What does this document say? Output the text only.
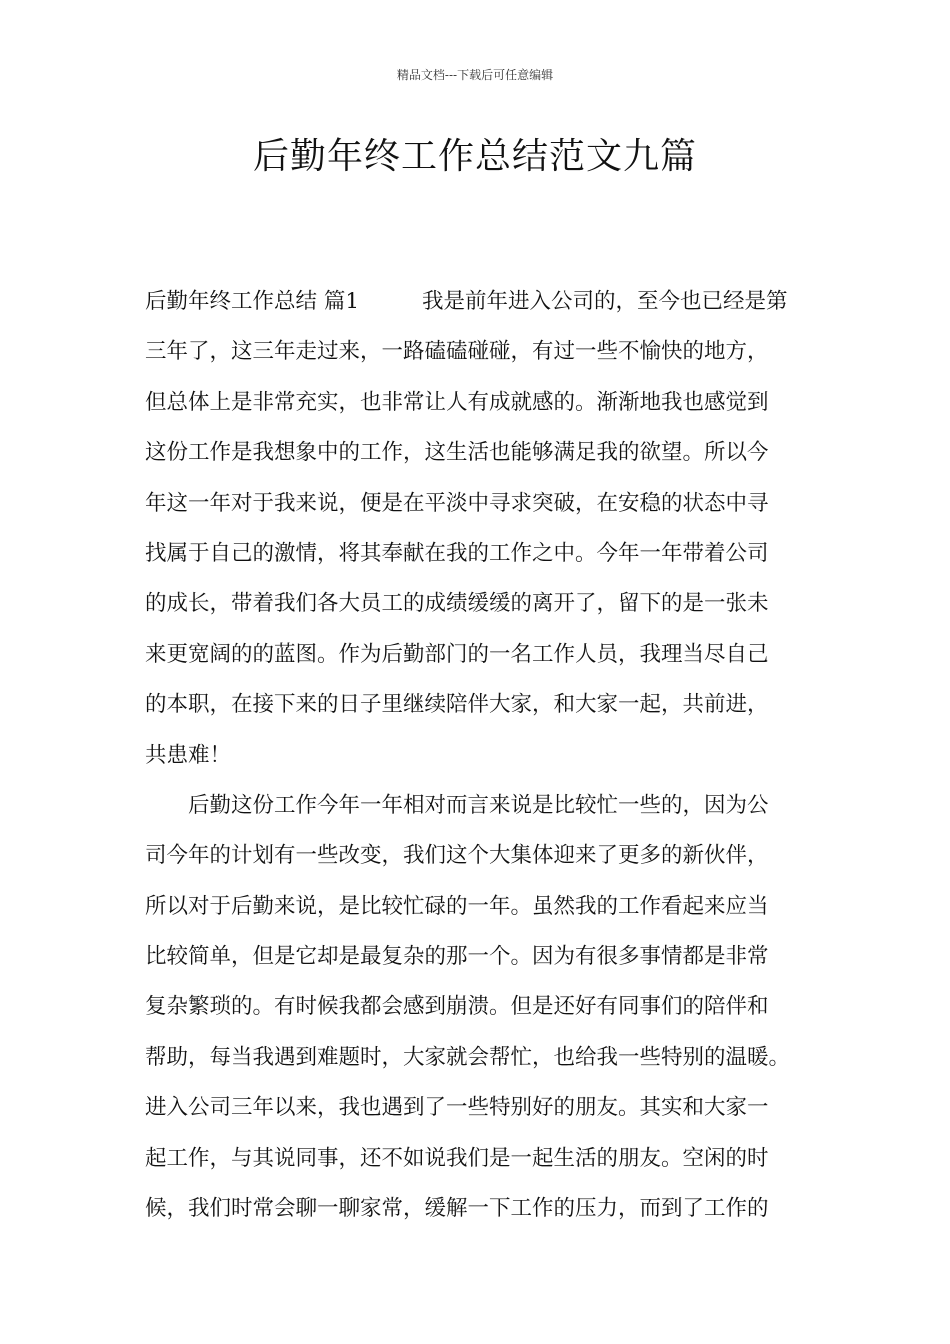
精品文档---下载后可任意编辑
后勤年终工作总结范文九篇
后勤年终工作总结 篇1	我是前年进入公司的，至今也已经是第
三年了，这三年走过来，一路磕磕碰碰，有过一些不愉快的地方，
但总体上是非常充实，也非常让人有成就感的。渐渐地我也感觉到
这份工作是我想象中的工作，这生活也能够满足我的欲望。所以今
年这一年对于我来说，便是在平淡中寻求突破，在安稳的状态中寻
找属于自己的激情，将其奉献在我的工作之中。今年一年带着公司
的成长，带着我们各大员工的成绩缓缓的离开了，留下的是一张未
来更宽阔的的蓝图。作为后勤部门的一名工作人员，我理当尽自己
的本职，在接下来的日子里继续陪伴大家，和大家一起，共前进，
共患难！
后勤这份工作今年一年相对而言来说是比较忙一些的，因为公
司今年的计划有一些改变，我们这个大集体迎来了更多的新伙伴，
所以对于后勤来说，是比较忙碌的一年。虽然我的工作看起来应当
比较简单，但是它却是最复杂的那一个。因为有很多事情都是非常
复杂繁琐的。有时候我都会感到崩溃。但是还好有同事们的陪伴和
帮助，每当我遇到难题时，大家就会帮忙，也给我一些特别的温暖。
进入公司三年以来，我也遇到了一些特别好的朋友。其实和大家一
起工作，与其说同事，还不如说我们是一起生活的朋友。空闲的时
候，我们时常会聊一聊家常，缓解一下工作的压力，而到了工作的
